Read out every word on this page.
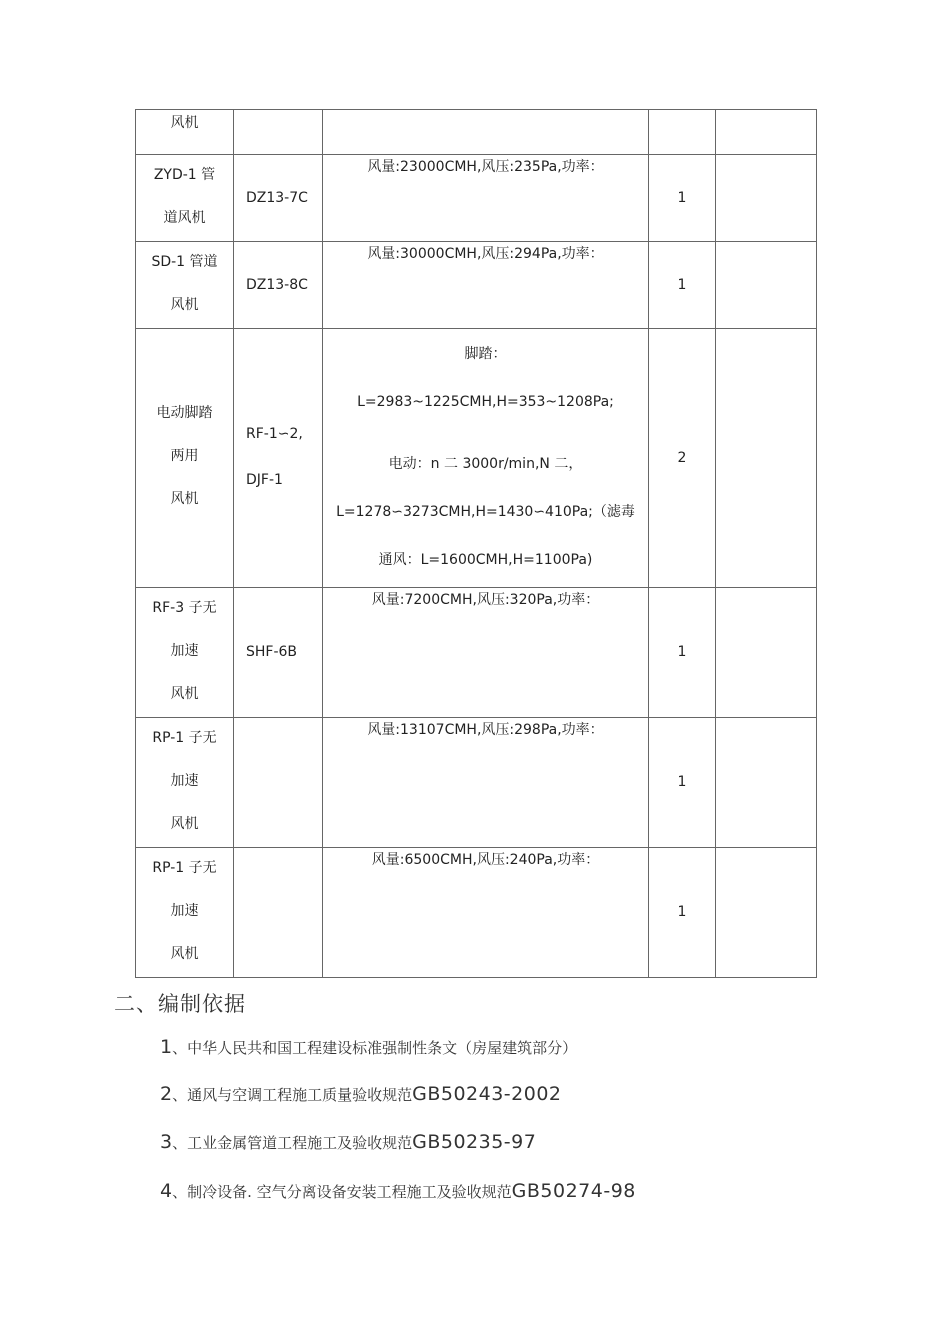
风机				

ZYD-1 管
道风机	DZ13-7C	风量:23000CMH,风压:235Pa,功率：	1	

SD-1 管道
风机	DZ13-8C	风量:30000CMH,风压:294Pa,功率：	1	

电动脚踏
两用
风机	RF-1∽2,
DJF-1	脚踏：
L=2983~1225CMH,H=353~1208Pa;
电动：n 二 3000r/min,N 二，
L=1278∽3273CMH,H=1430∽410Pa;（滤毒
通风：L=1600CMH,H=1100Pa)	2	

RF-3 子无
加速
风机	SHF-6B	风量:7200CMH,风压:320Pa,功率：	1	

RP-1 子无
加速
风机		风量:13107CMH,风压:298Pa,功率：	1	

RP-1 子无
加速
风机		风量:6500CMH,风压:240Pa,功率：	1	
二、编制依据
1、中华人民共和国工程建设标准强制性条文（房屋建筑部分）
2、通风与空调工程施工质量验收规范GB50243-2002
3、工业金属管道工程施工及验收规范GB50235-97
4、制冷设备. 空气分离设备安装工程施工及验收规范GB50274-98
